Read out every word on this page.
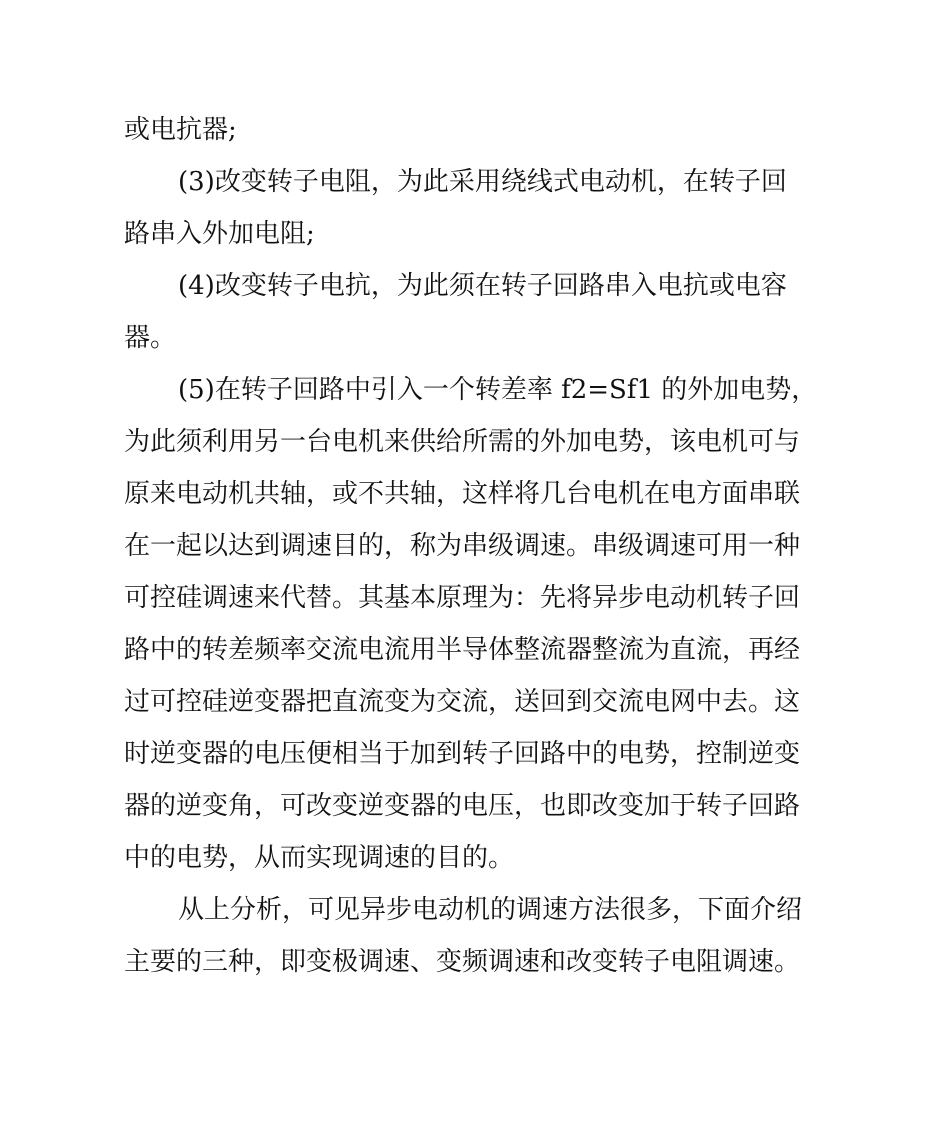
或电抗器;
(3)改变转子电阻，为此采用绕线式电动机，在转子回
路串入外加电阻;
(4)改变转子电抗，为此须在转子回路串入电抗或电容
器。
(5)在转子回路中引入一个转差率 f2=Sf1 的外加电势，
为此须利用另一台电机来供给所需的外加电势，该电机可与
原来电动机共轴，或不共轴，这样将几台电机在电方面串联
在一起以达到调速目的，称为串级调速。串级调速可用一种
可控硅调速来代替。其基本原理为：先将异步电动机转子回
路中的转差频率交流电流用半导体整流器整流为直流，再经
过可控硅逆变器把直流变为交流，送回到交流电网中去。这
时逆变器的电压便相当于加到转子回路中的电势，控制逆变
器的逆变角，可改变逆变器的电压，也即改变加于转子回路
中的电势，从而实现调速的目的。
从上分析，可见异步电动机的调速方法很多，下面介绍
主要的三种，即变极调速、变频调速和改变转子电阻调速。
